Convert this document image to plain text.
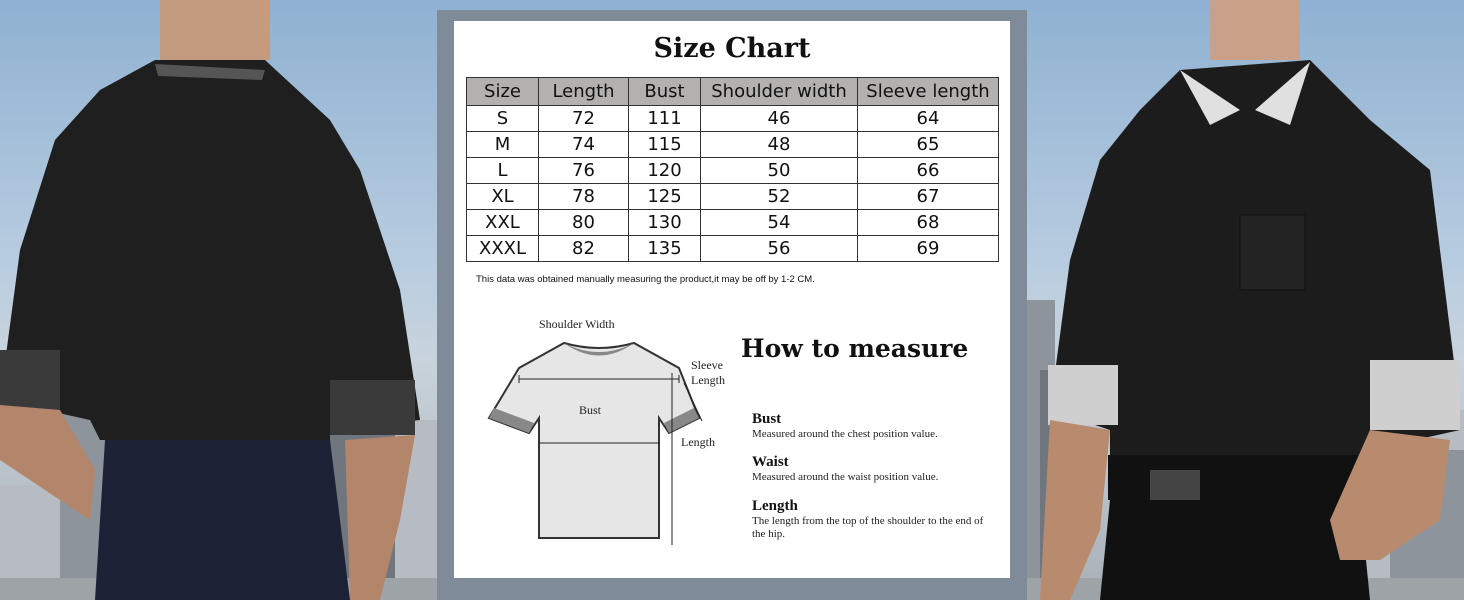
Size Chart
Size	Length	Bust	Shoulder width	Sleeve length
S	72	111	46	64
M	74	115	48	65
L	76	120	50	66
XL	78	125	52	67
XXL	80	130	54	68
XXXL	82	135	56	69
This data was obtained manually measuring the product,it may be off by 1-2 CM.
Shoulder Width
Sleeve
Length
Bust
Length
How to measure
Bust
Measured around the chest position value.
Waist
Measured around the waist position value.
Length
The length from the top of the shoulder to the end of the hip.
